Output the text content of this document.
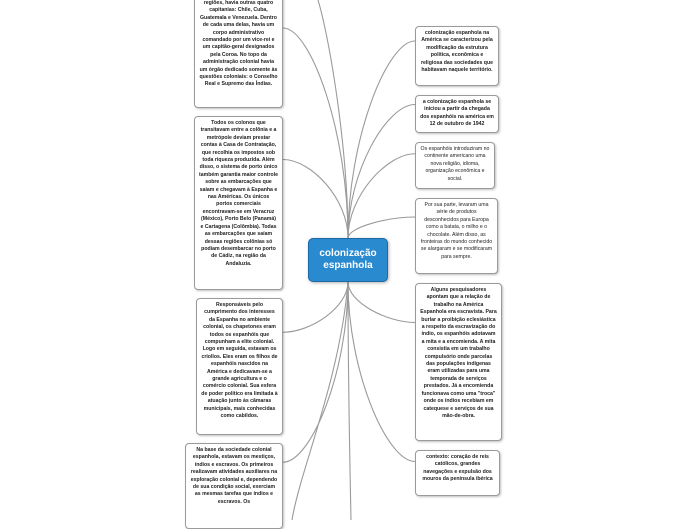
colonização espanhola
regiões, havia outras quatro capitanias: Chile, Cuba, Guatemala e Venezuela. Dentro de cada uma delas, havia um corpo administrativo comandado por um vice-rei e um capitão-geral designados pela Coroa. No topo da administração colonial havia um órgão dedicado somente às questões coloniais: o Conselho Real e Supremo das Índias.
Todos os colonos que transitavam entre a colônia e a metrópole deviam prestar contas à Casa de Contratação, que recolhia os impostos sob toda riqueza produzida. Além disso, o sistema de porto único também garantia maior controle sobre as embarcações que saíam e chegavam à Espanha e nas Américas. Os únicos portos comerciais encontravam-se em Veracruz (México), Porto Belo (Panamá) e Cartagena (Colômbia). Todas as embarcações que saíam dessas regiões colônias só podiam desembarcar no porto de Cádiz, na região da Andaluzia.
Responsáveis pelo cumprimento dos interesses da Espanha no ambiente colonial, os chapetones eram todos os espanhóis que compunham a elite colonial. Logo em seguida, estavam os criollos. Eles eram os filhos de espanhóis nascidos na América e dedicavam-se a grande agricultura e o comércio colonial. Sua esfera de poder político era limitada à atuação junto às câmaras municipais, mais conhecidas como cabildos.
Na base da sociedade colonial espanhola, estavam os mestiços, índios e escravos. Os primeiros realizavam atividades auxiliares na exploração colonial e, dependendo de sua condição social, exerciam as mesmas tarefas que índios e escravos. Os
colonização espanhola na América se caracterizou pela modificação da estrutura política, econômica e religiosa das sociedades que habitavam naquele território.
a colonização espanhola se iniciou a partir da chegada dos espanhóis na américa em 12 de outubro de 1942
Os espanhóis introduziram no continente americano uma nova religião, idioma, organização econômica e social.
Por sua parte, levaram uma série de produtos desconhecidos para Europa como a batata, o milho e o chocolate. Além disso, as fronteiras do mundo conhecido se alargaram e se modificaram para sempre.
Alguns pesquisadores apontam que a relação de trabalho na América Espanhola era escravista. Para burlar a proibição eclesiástica a respeito da escravização do índio, os espanhóis adotavam a mita e a encomienda. A mita consistia em um trabalho compulsório onde parcelas das populações indígenas eram utilizadas para uma temporada de serviços prestados. Já a encomienda funcionava como uma "troca" onde os índios recebiam em catequese e serviços de sua mão-de-obra.
contexto: coração de reis católicos, grandes navegações e expulsão dos mouros da península ibérica
